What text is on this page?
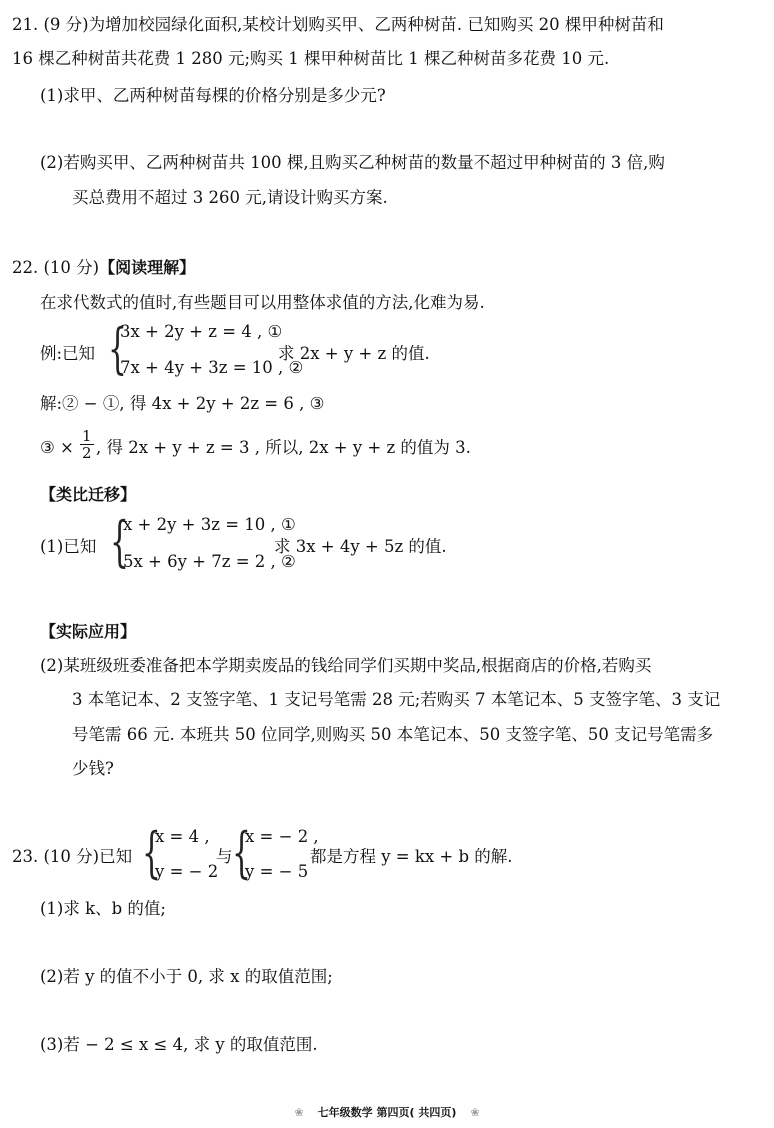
21. (9 分)为增加校园绿化面积,某校计划购买甲、乙两种树苗. 已知购买 20 棵甲种树苗和
16 棵乙种树苗共花费 1 280 元;购买 1 棵甲种树苗比 1 棵乙种树苗多花费 10 元.
(1)求甲、乙两种树苗每棵的价格分别是多少元?
(2)若购买甲、乙两种树苗共 100 棵,且购买乙种树苗的数量不超过甲种树苗的 3 倍,购
买总费用不超过 3 260 元,请设计购买方案.
22. (10 分)【阅读理解】
在求代数式的值时,有些题目可以用整体求值的方法,化难为易.
例:已知 {
3x + 2y + z = 4 , ①
7x + 4y + 3z = 10 , ②
求 2x + y + z 的值.
解:② − ①, 得 4x + 2y + 2z = 6 , ③
③ × $\frac{1}{2}$ , 得 2x + y + z = 3 , 所以, 2x + y + z 的值为 3.
【类比迁移】
(1)已知 {
x + 2y + 3z = 10 , ①
5x + 6y + 7z = 2 , ②
求 3x + 4y + 5z 的值.
【实际应用】
(2)某班级班委准备把本学期卖废品的钱给同学们买期中奖品,根据商店的价格,若购买
3 本笔记本、2 支签字笔、1 支记号笔需 28 元;若购买 7 本笔记本、5 支签字笔、3 支记
号笔需 66 元. 本班共 50 位同学,则购买 50 本笔记本、50 支签字笔、50 支记号笔需多
少钱?
23. (10 分)已知 {
x = 4 ,
y = − 2
与 {
x = − 2 ,
y = − 5
都是方程 y = kx + b 的解.
(1)求 k、b 的值;
(2)若 y 的值不小于 0, 求 x 的取值范围;
(3)若 − 2 ≤ x ≤ 4, 求 y 的取值范围.
❀ 七年级数学 第四页( 共四页) ❀
